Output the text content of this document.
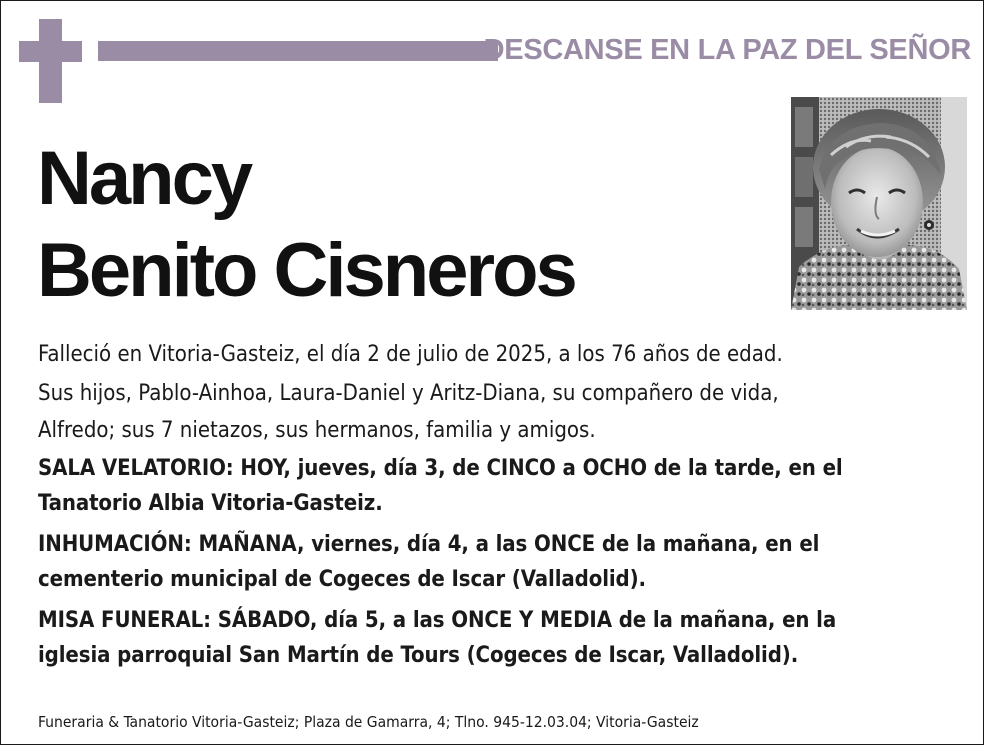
DESCANSE EN LA PAZ DEL SEÑOR
Nancy
Benito Cisneros

Falleció en Vitoria-Gasteiz, el día 2 de julio de 2025, a los 76 años de edad.

Sus hijos, Pablo-Ainhoa, Laura-Daniel y Aritz-Diana, su compañero de vida,
Alfredo; sus 7 nietazos, sus hermanos, familia y amigos.

SALA VELATORIO: HOY, jueves, día 3, de CINCO a OCHO de la tarde, en el
Tanatorio Albia Vitoria-Gasteiz.

INHUMACIÓN: MAÑANA, viernes, día 4, a las ONCE de la mañana, en el
cementerio municipal de Cogeces de Iscar (Valladolid).

MISA FUNERAL: SÁBADO, día 5, a las ONCE Y MEDIA de la mañana, en la
iglesia parroquial San Martín de Tours (Cogeces de Iscar, Valladolid).

Funeraria & Tanatorio Vitoria-Gasteiz; Plaza de Gamarra, 4; Tlno. 945-12.03.04; Vitoria-Gasteiz
